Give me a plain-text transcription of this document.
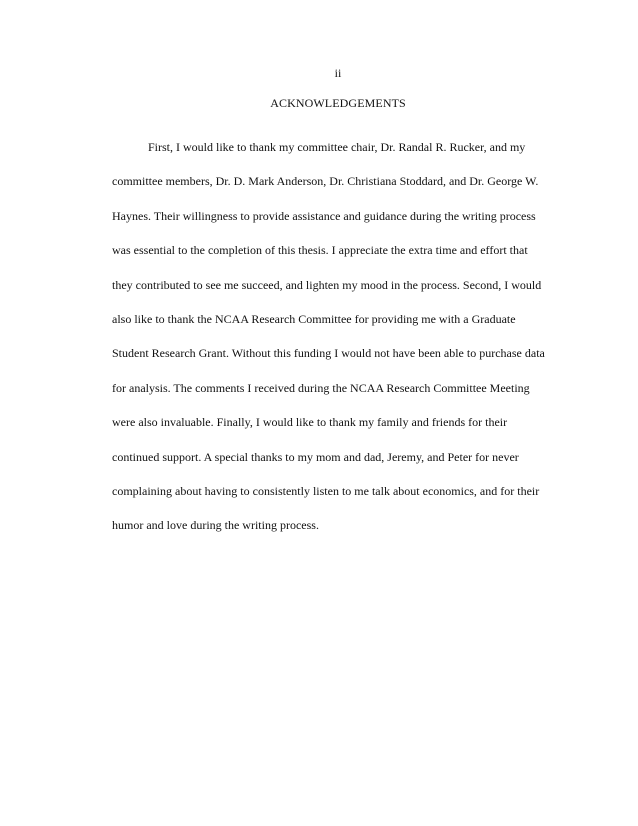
ii
ACKNOWLEDGEMENTS
First, I would like to thank my committee chair, Dr. Randal R. Rucker, and my
committee members, Dr. D. Mark Anderson, Dr. Christiana Stoddard, and Dr. George W.
Haynes. Their willingness to provide assistance and guidance during the writing process
was essential to the completion of this thesis. I appreciate the extra time and effort that
they contributed to see me succeed, and lighten my mood in the process. Second, I would
also like to thank the NCAA Research Committee for providing me with a Graduate
Student Research Grant. Without this funding I would not have been able to purchase data
for analysis. The comments I received during the NCAA Research Committee Meeting
were also invaluable. Finally, I would like to thank my family and friends for their
continued support. A special thanks to my mom and dad, Jeremy, and Peter for never
complaining about having to consistently listen to me talk about economics, and for their
humor and love during the writing process.
